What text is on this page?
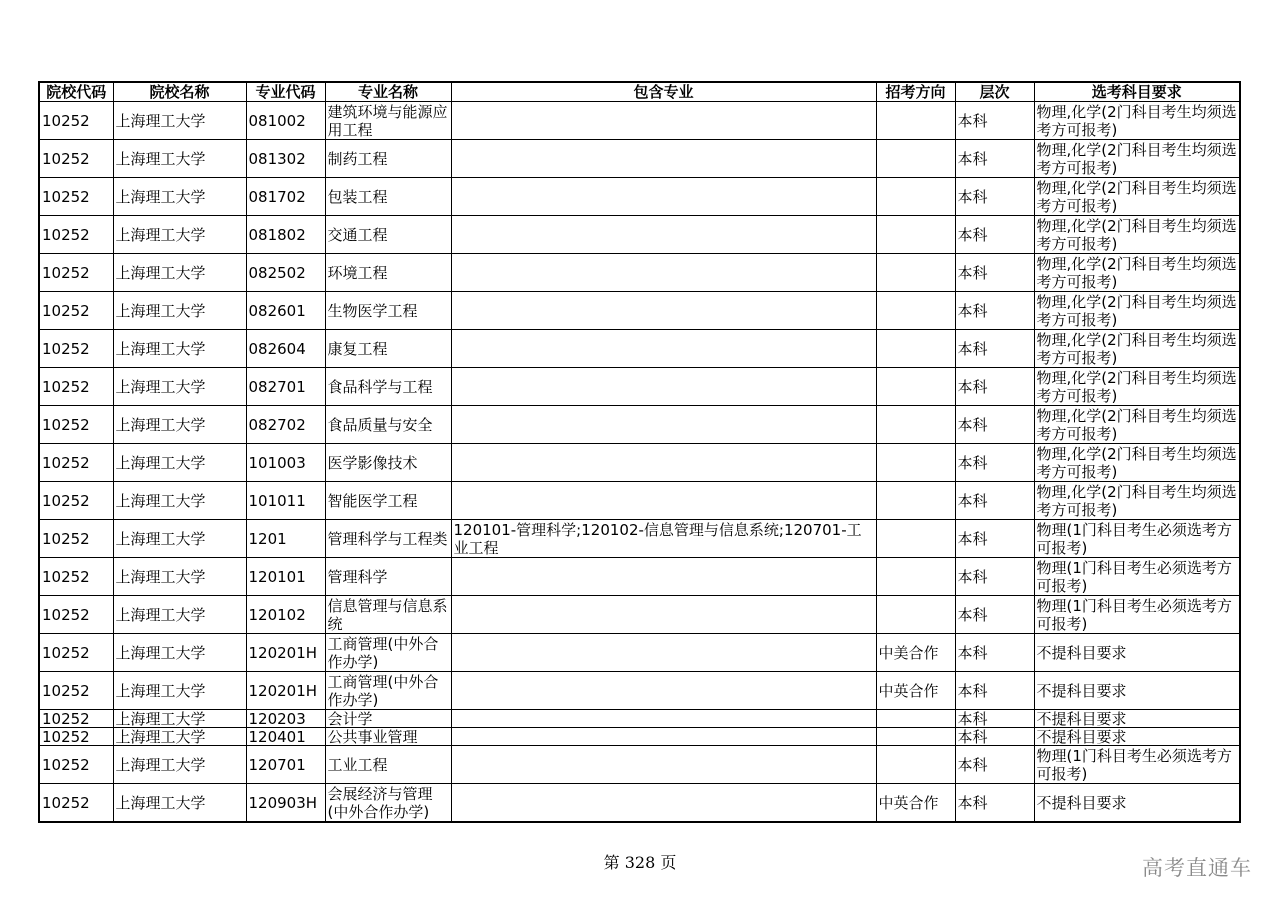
院校代码	院校名称	专业代码	专业名称	包含专业	招考方向	层次	选考科目要求
10252	上海理工大学	081002	建筑环境与能源应用工程			本科	物理,化学(2门科目考生均须选考方可报考)
10252	上海理工大学	081302	制药工程			本科	物理,化学(2门科目考生均须选考方可报考)
10252	上海理工大学	081702	包装工程			本科	物理,化学(2门科目考生均须选考方可报考)
10252	上海理工大学	081802	交通工程			本科	物理,化学(2门科目考生均须选考方可报考)
10252	上海理工大学	082502	环境工程			本科	物理,化学(2门科目考生均须选考方可报考)
10252	上海理工大学	082601	生物医学工程			本科	物理,化学(2门科目考生均须选考方可报考)
10252	上海理工大学	082604	康复工程			本科	物理,化学(2门科目考生均须选考方可报考)
10252	上海理工大学	082701	食品科学与工程			本科	物理,化学(2门科目考生均须选考方可报考)
10252	上海理工大学	082702	食品质量与安全			本科	物理,化学(2门科目考生均须选考方可报考)
10252	上海理工大学	101003	医学影像技术			本科	物理,化学(2门科目考生均须选考方可报考)
10252	上海理工大学	101011	智能医学工程			本科	物理,化学(2门科目考生均须选考方可报考)
10252	上海理工大学	1201	管理科学与工程类	120101-管理科学;120102-信息管理与信息系统;120701-工业工程		本科	物理(1门科目考生必须选考方可报考)
10252	上海理工大学	120101	管理科学			本科	物理(1门科目考生必须选考方可报考)
10252	上海理工大学	120102	信息管理与信息系统			本科	物理(1门科目考生必须选考方可报考)
10252	上海理工大学	120201H	工商管理(中外合作办学)		中美合作	本科	不提科目要求
10252	上海理工大学	120201H	工商管理(中外合作办学)		中英合作	本科	不提科目要求
10252	上海理工大学	120203	会计学			本科	不提科目要求
10252	上海理工大学	120401	公共事业管理			本科	不提科目要求
10252	上海理工大学	120701	工业工程			本科	物理(1门科目考生必须选考方可报考)
10252	上海理工大学	120903H	会展经济与管理(中外合作办学)		中英合作	本科	不提科目要求
第 328 页	高考直通车
